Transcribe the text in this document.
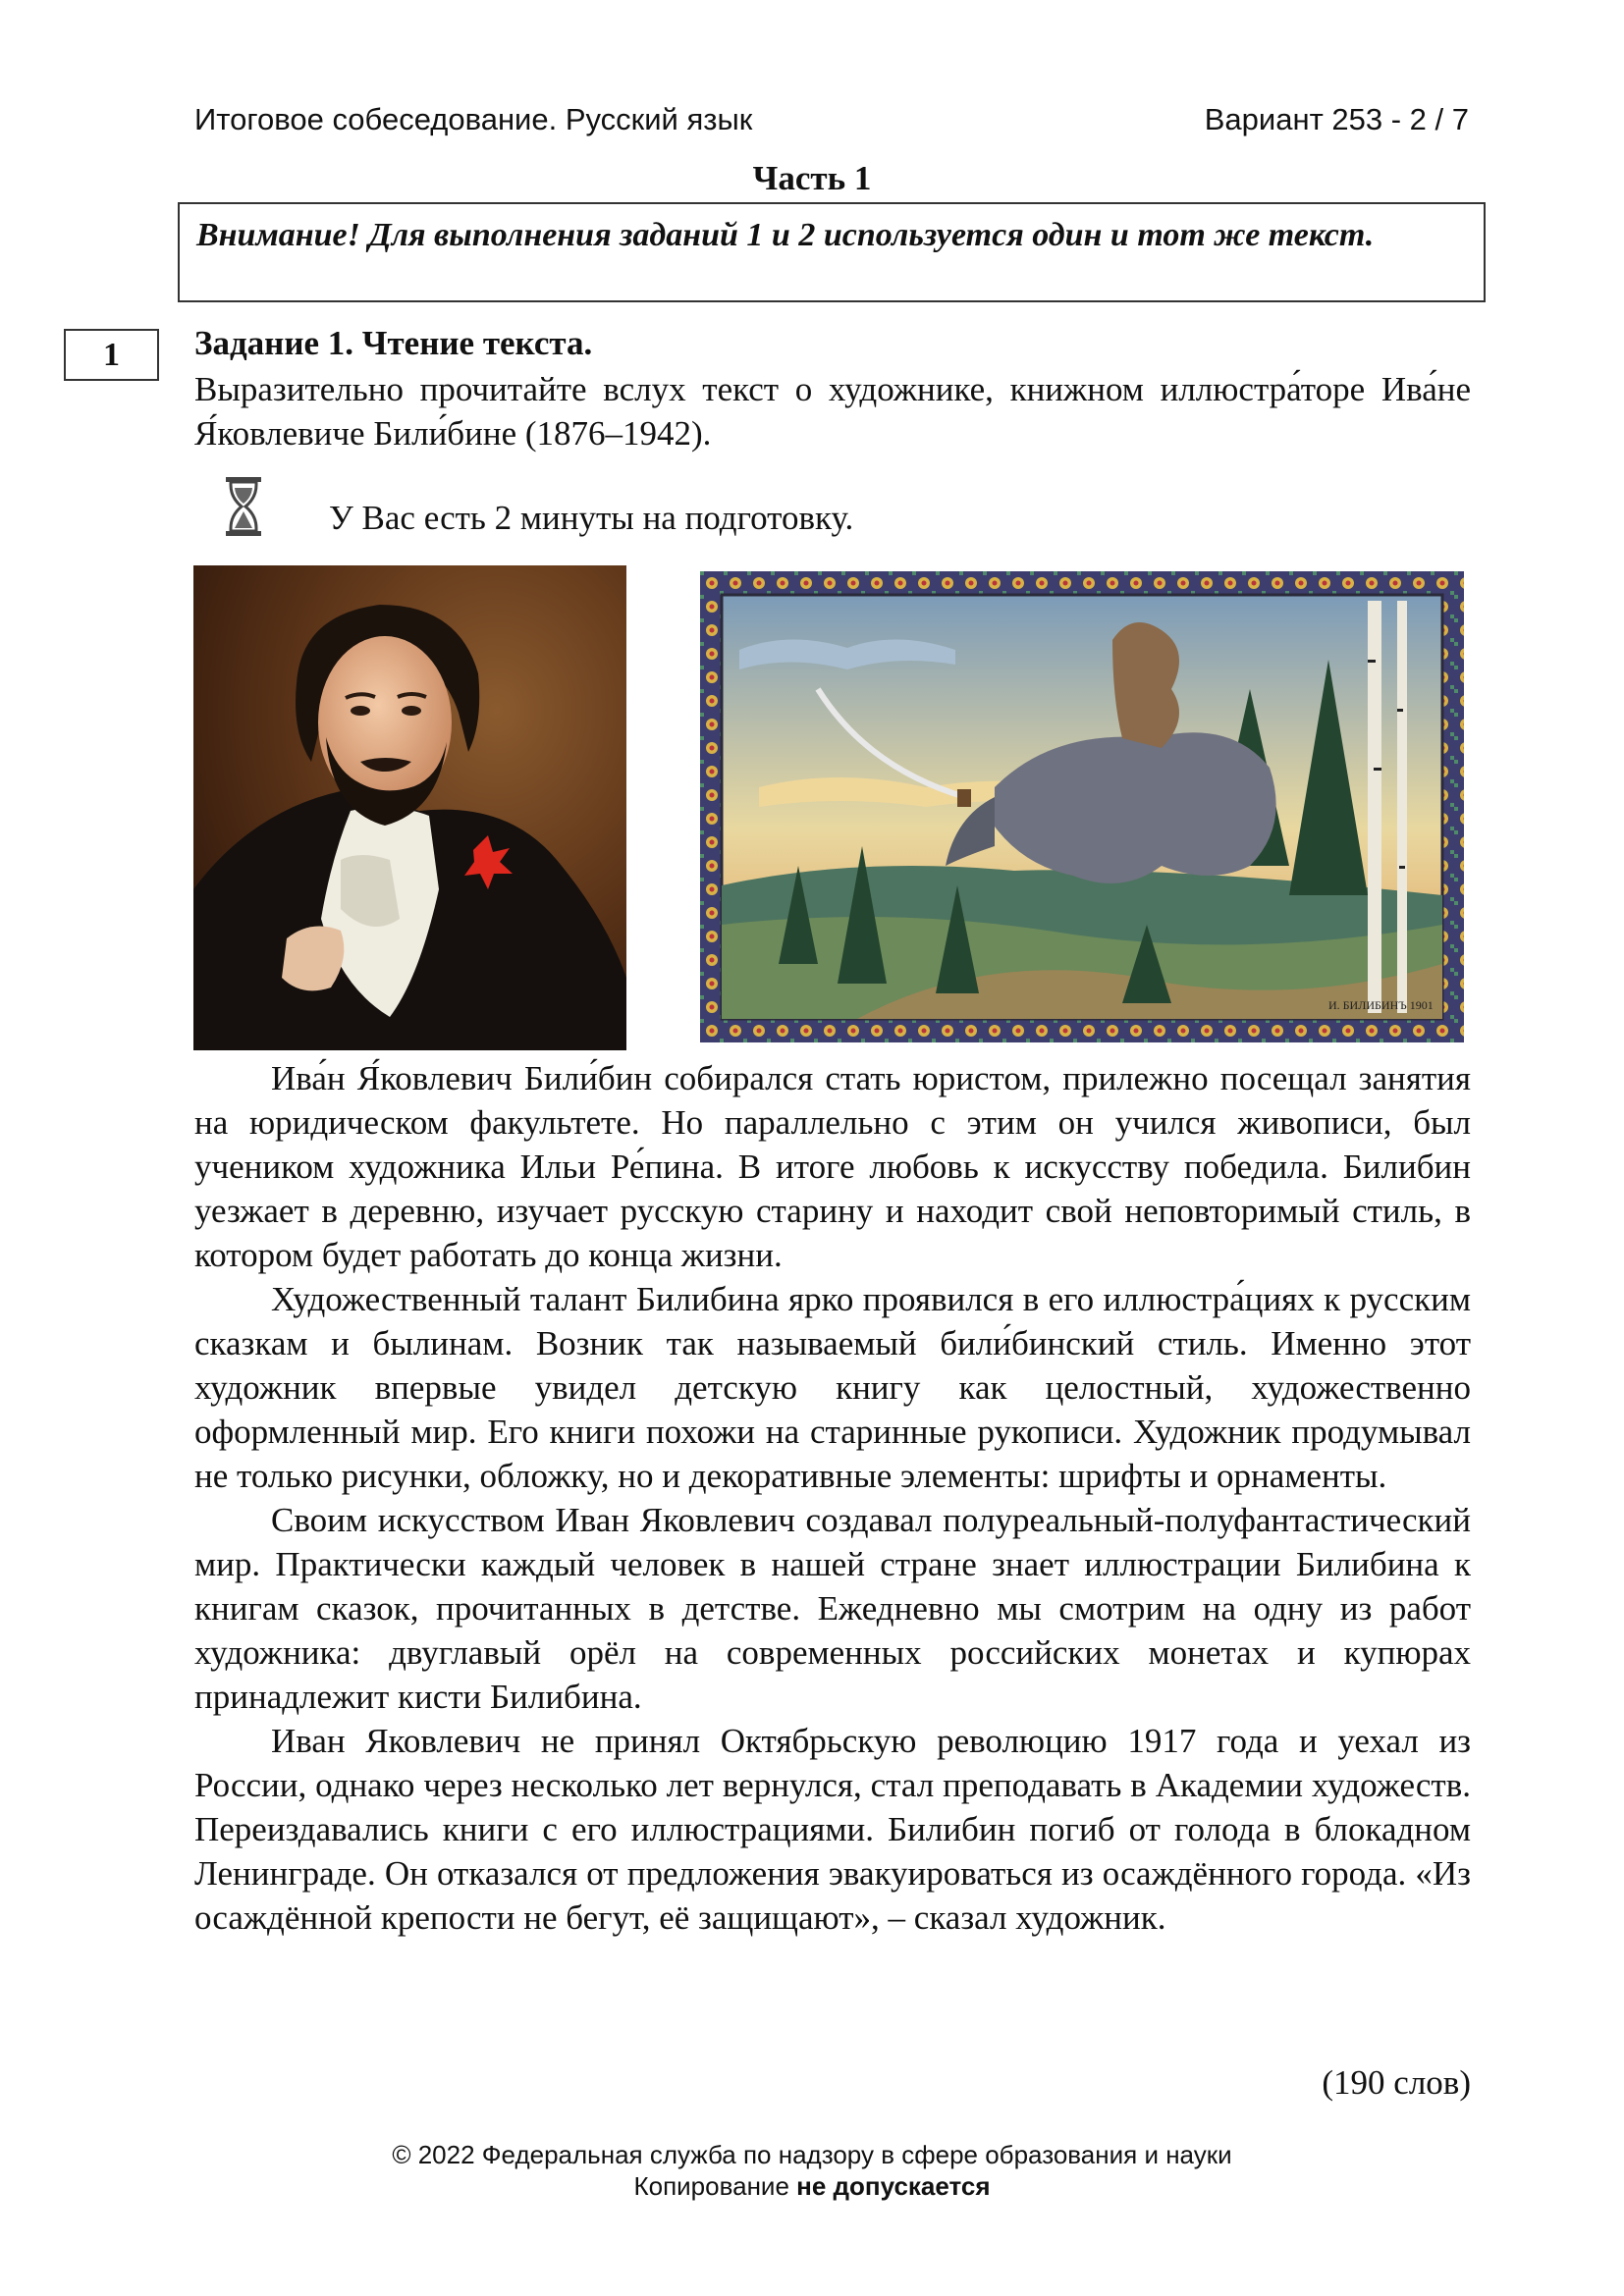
Итоговое собеседование. Русский язык	Вариант 253 - 2 / 7
Часть 1
Внимание! Для выполнения заданий 1 и 2 используется один и тот же текст.
1	Задание 1. Чтение текста.
Выразительно прочитайте вслух текст о художнике, книжном иллюстра́торе Ива́не Я́ковлевиче Били́бине (1876–1942).
У Вас есть 2 минуты на подготовку.
И. БИЛИБИНЪ 1901

Ива́н Я́ковлевич Били́бин собирался стать юристом, прилежно посещал занятия на юридическом факультете. Но параллельно с этим он учился живописи, был учеником художника Ильи Ре́пина. В итоге любовь к искусству победила. Билибин уезжает в деревню, изучает русскую старину и находит свой неповторимый стиль, в котором будет работать до конца жизни.

Художественный талант Билибина ярко проявился в его иллюстра́циях к русским сказкам и былинам. Возник так называемый били́бинский стиль. Именно этот художник впервые увидел детскую книгу как целостный, художественно оформленный мир. Его книги похожи на старинные рукописи. Художник продумывал не только рисунки, обложку, но и декоративные элементы: шрифты и орнаменты.

Своим искусством Иван Яковлевич создавал полуреальный-полуфантастический мир. Практически каждый человек в нашей стране знает иллюстрации Билибина к книгам сказок, прочитанных в детстве. Ежедневно мы смотрим на одну из работ художника: двуглавый орёл на современных российских монетах и купюрах принадлежит кисти Билибина.

Иван Яковлевич не принял Октябрьскую революцию 1917 года и уехал из России, однако через несколько лет вернулся, стал преподавать в Академии художеств. Переиздавались книги с его иллюстрациями. Билибин погиб от голода в блокадном Ленинграде. Он отказался от предложения эвакуироваться из осаждённого города. «Из осаждённой крепости не бегут, её защищают», – сказал художник.

(190 слов)
© 2022 Федеральная служба по надзору в сфере образования и науки
Копирование не допускается
